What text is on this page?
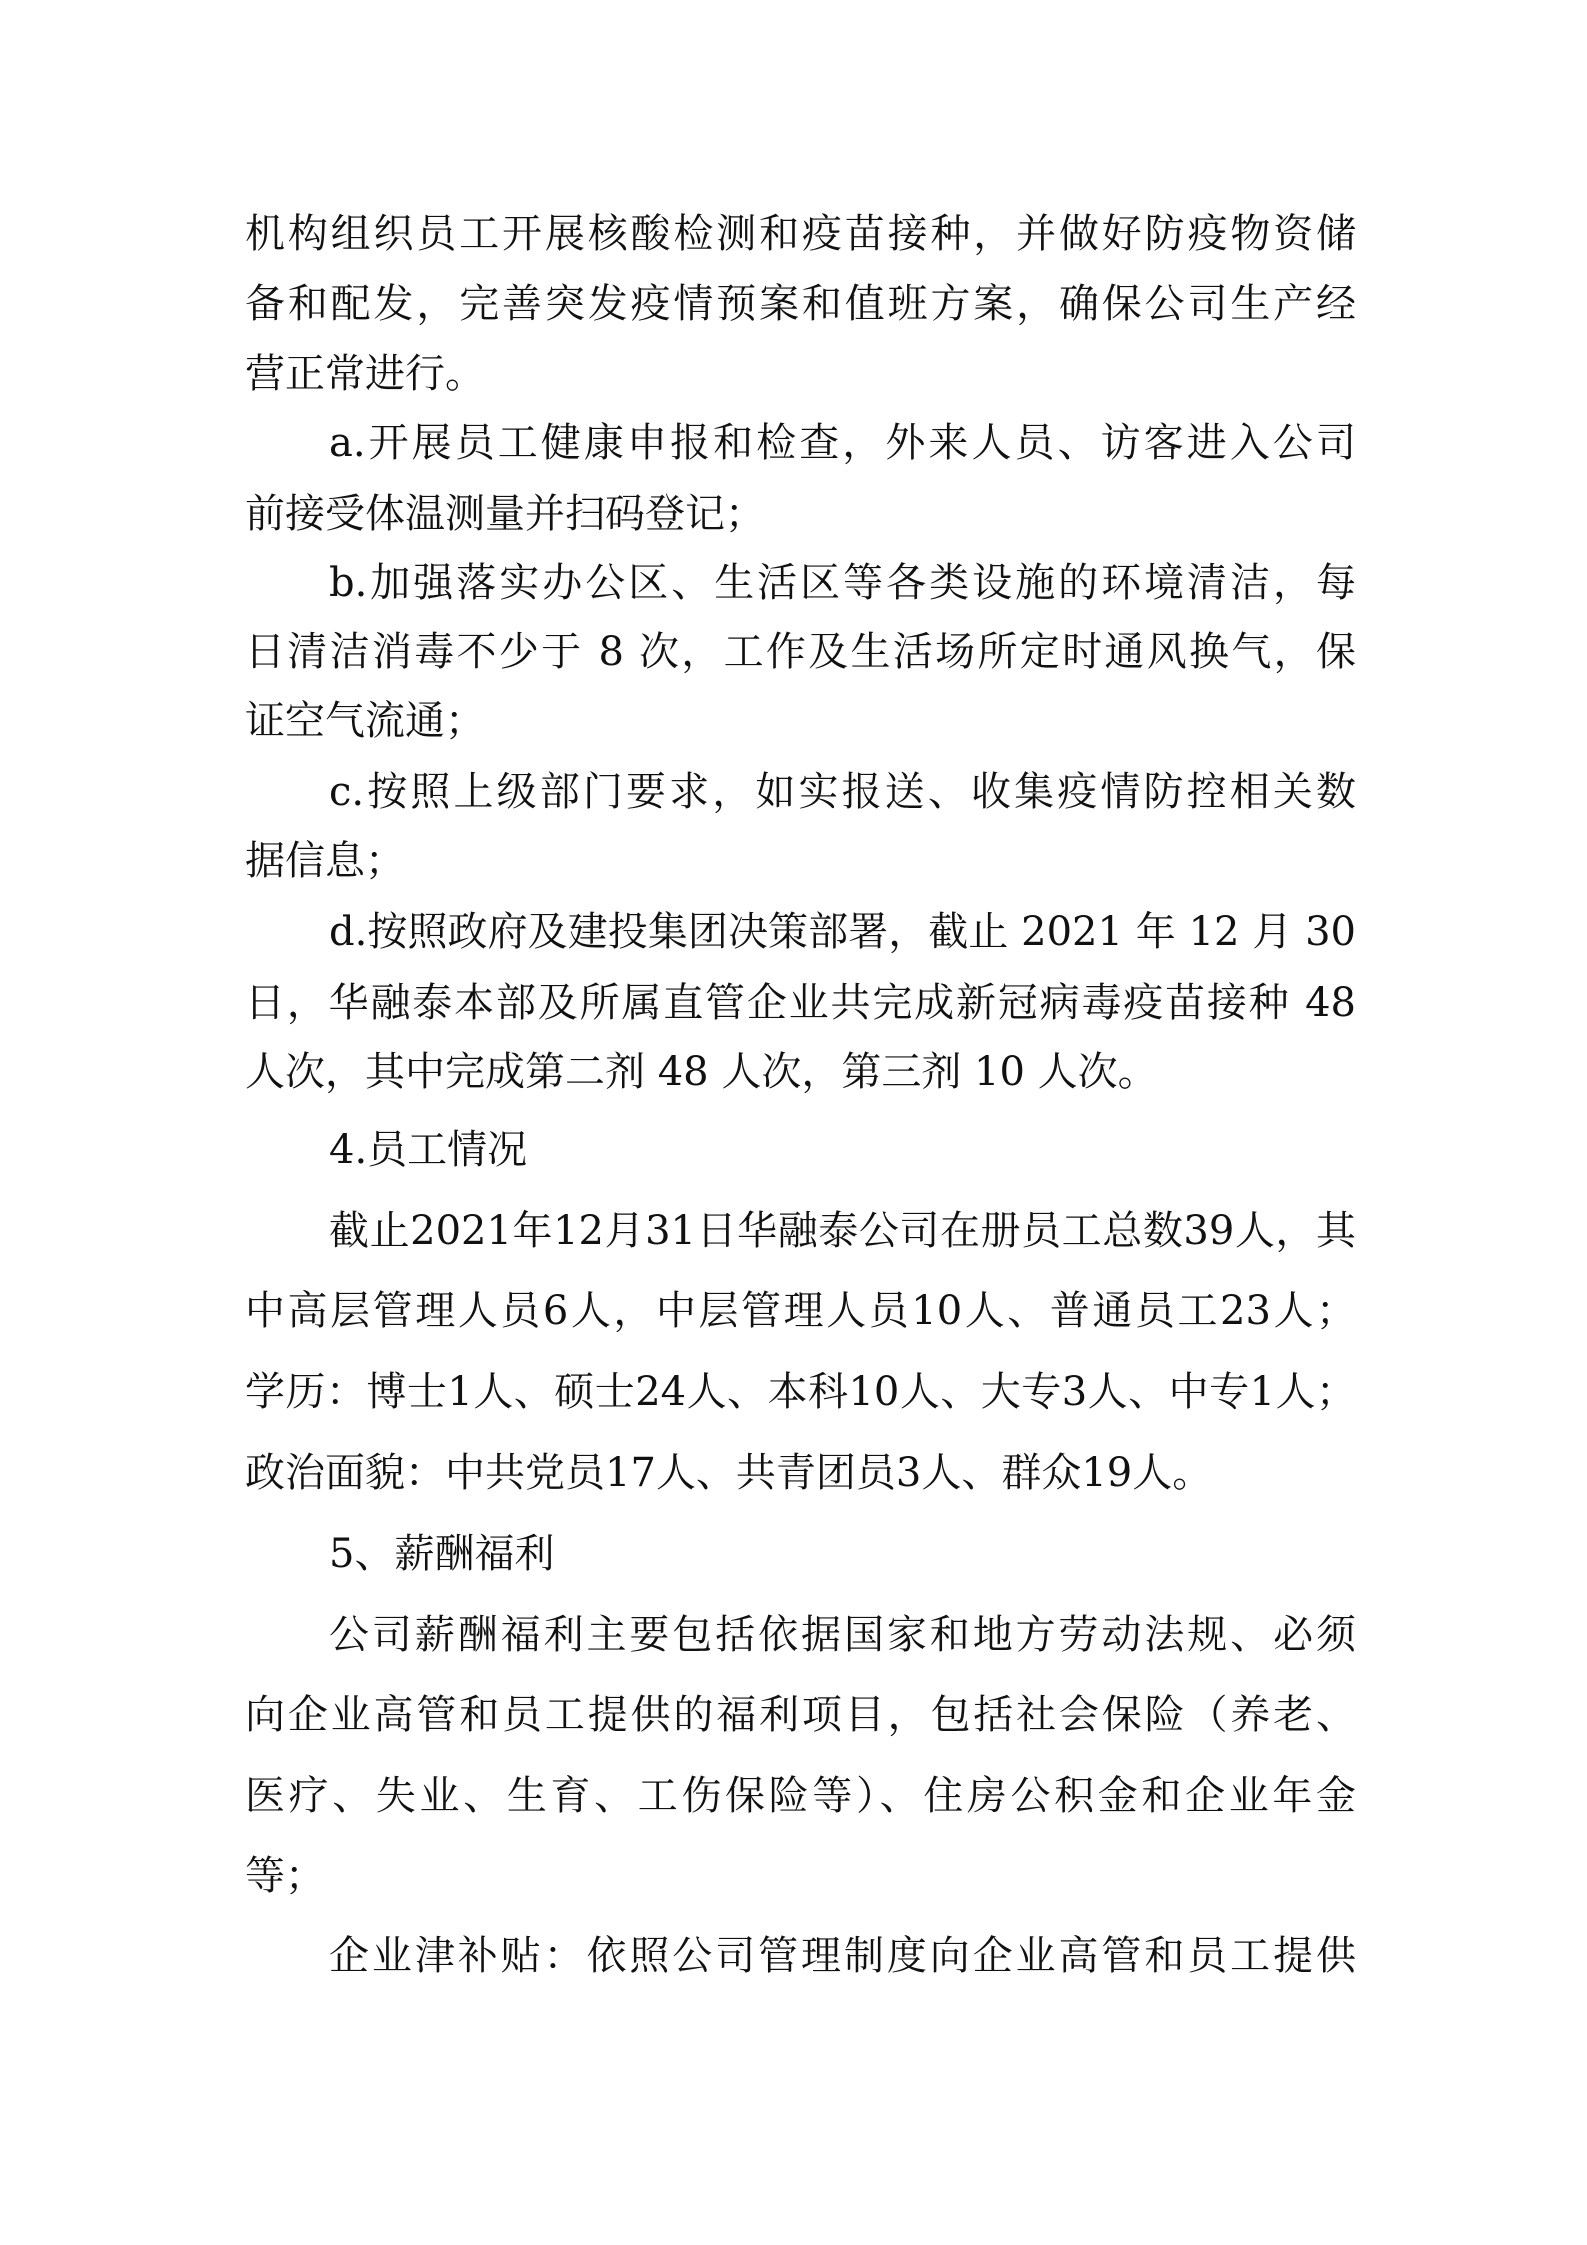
机构组织员工开展核酸检测和疫苗接种，并做好防疫物资储
备和配发，完善突发疫情预案和值班方案，确保公司生产经
营正常进行。
a.开展员工健康申报和检查，外来人员、访客进入公司
前接受体温测量并扫码登记；
b.加强落实办公区、生活区等各类设施的环境清洁，每
日清洁消毒不少于 8 次，工作及生活场所定时通风换气，保
证空气流通；
c.按照上级部门要求，如实报送、收集疫情防控相关数
据信息；
d.按照政府及建投集团决策部署，截止 2021 年 12 月 30
日，华融泰本部及所属直管企业共完成新冠病毒疫苗接种 48
人次，其中完成第二剂 48 人次，第三剂 10 人次。
4.员工情况
截止2021年12月31日华融泰公司在册员工总数39人，其
中高层管理人员6人，中层管理人员10人、普通员工23人；
学历：博士1人、硕士24人、本科10人、大专3人、中专1人；
政治面貌：中共党员17人、共青团员3人、群众19人。
5、薪酬福利
公司薪酬福利主要包括依据国家和地方劳动法规、必须
向企业高管和员工提供的福利项目，包括社会保险（养老、
医疗、失业、生育、工伤保险等）、住房公积金和企业年金
等；
企业津补贴：依照公司管理制度向企业高管和员工提供
